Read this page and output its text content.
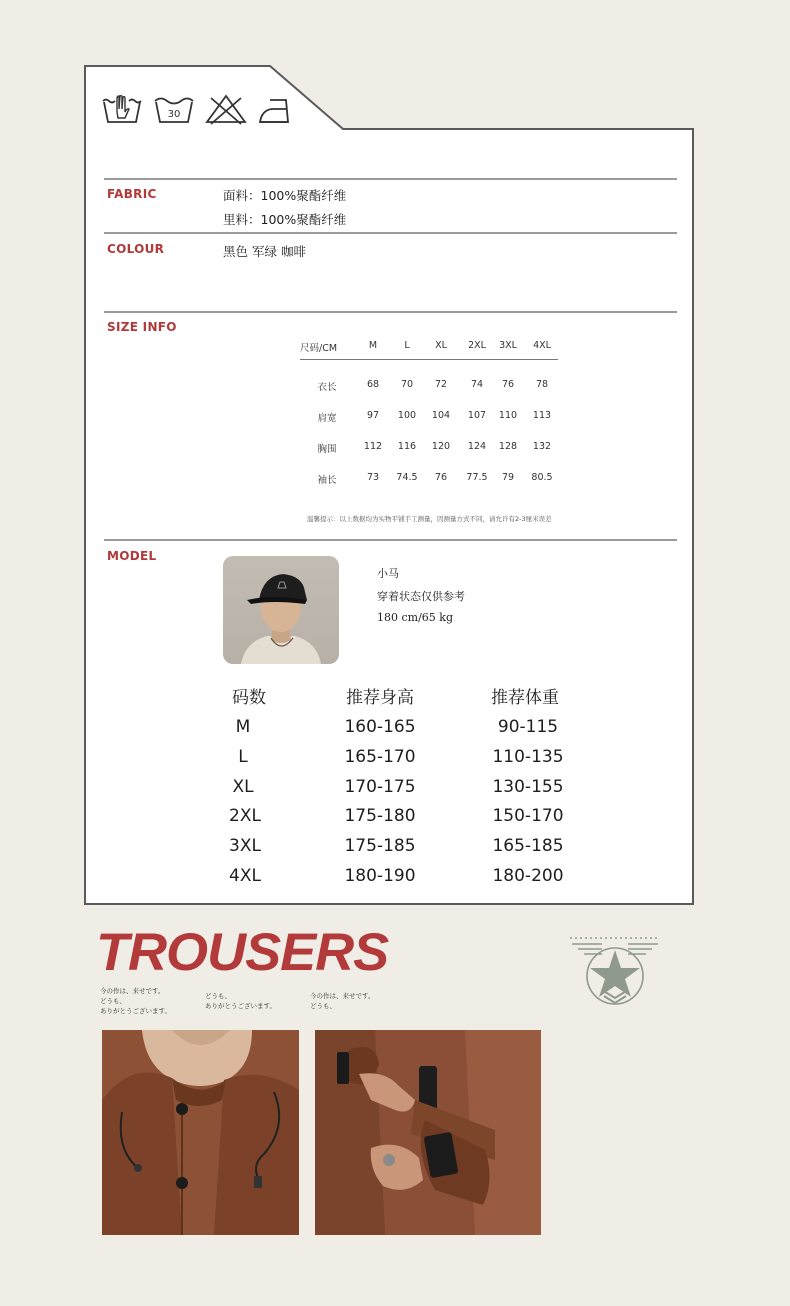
30
FABRIC	面料：100%聚酯纤维
里料：100%聚酯纤维
COLOUR	黑色 军绿 咖啡
SIZE INFO
尺码/CM	M	L	XL	2XL	3XL	4XL
衣长	68	70	72	74	76	78
肩宽	97	100	104	107	110	113
胸围	112	116	120	124	128	132
袖长	73	74.5	76	77.5	79	80.5
温馨提示：以上数据均为实物平铺手工测量，因测量方式不同，请允许有2-3厘米误差
MODEL
小马
穿着状态仅供参考
180 cm/65 kg
码数	推荐身高	推荐体重
M	160-165	90-115
L	165-170	110-135
XL	170-175	130-155
2XL	175-180	150-170
3XL	175-185	165-185
4XL	180-190	180-200
TROUSERS
今の作は、来せです。
どうも、
ありがとうございます。
どうも、
ありがとうございます。
今の作は、来せです。
どうも、
